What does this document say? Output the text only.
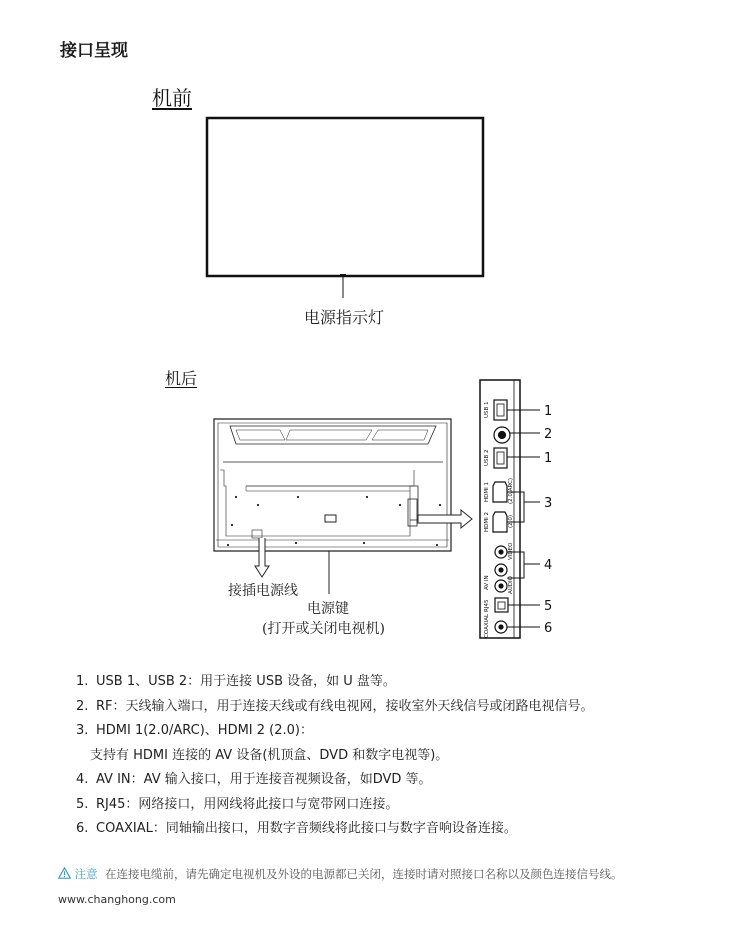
接口呈现
机前
机后
USB 1
USB 2
HDMI 1	(2.0/ARC)
HDMI 2	(2.0)
VIDEO
AV IN	AUDIO
RJ45
COAXIAL
1
2
1
3
4
5
6
电源指示灯
接插电源线
电源键
(打开或关闭电视机)
1. USB 1、USB 2：用于连接 USB 设备，如 U 盘等。
2. RF：天线输入端口，用于连接天线或有线电视网，接收室外天线信号或闭路电视信号。
3. HDMI 1(2.0/ARC)、HDMI 2 (2.0)：
支持有 HDMI 连接的 AV 设备(机顶盒、DVD 和数字电视等)。
4. AV IN：AV 输入接口，用于连接音视频设备，如DVD 等。
5. RJ45：网络接口，用网线将此接口与宽带网口连接。
6. COAXIAL：同轴输出接口，用数字音频线将此接口与数字音响设备连接。
注意 在连接电缆前，请先确定电视机及外设的电源都已关闭，连接时请对照接口名称以及颜色连接信号线。
www.changhong.com
